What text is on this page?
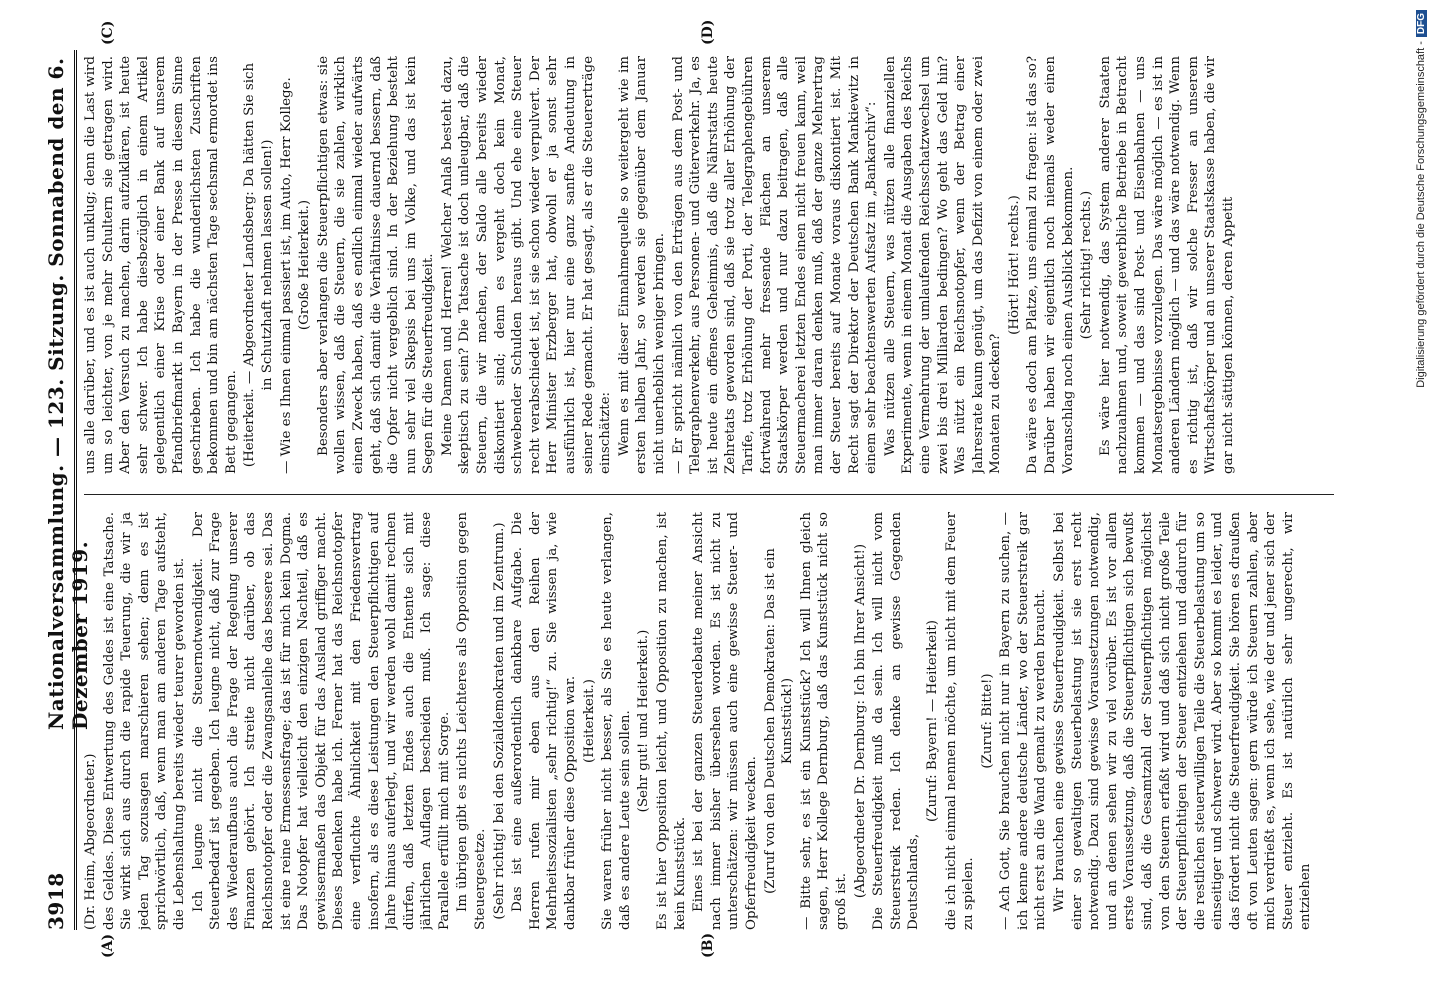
3918
Nationalversammlung. — 123. Sitzung. Sonnabend den 6. Dezember 1919.
(A)	(B)
(C)	(D)

(Dr. Heim, Abgeordneter.) des Geldes. Diese Entwertung des Geldes ist eine Tatsache. Sie wirkt sich aus durch die rapide Teuerung, die wir ja jeden Tag sozusagen marschieren sehen; denn es ist sprichwörtlich, daß, wenn man am anderen Tage aufsteht, die Lebenshaltung bereits wieder teurer geworden ist. Ich leugne nicht die Steuernotwendigkeit. Der Steuerbedarf ist gegeben. Ich leugne nicht, daß zur Frage des Wiederaufbaus auch die Frage der Regelung unserer Finanzen gehört. Ich streite nicht darüber, ob das Reichsnotopfer oder die Zwangsanleihe das bessere sei. Das ist eine reine Ermessensfrage; das ist für mich kein Dogma. Das Notopfer hat vielleicht den einzigen Nachteil, daß es gewissermaßen das Objekt für das Ausland griffiger macht. Dieses Bedenken habe ich. Ferner hat das Reichsnotopfer eine verfluchte Ähnlichkeit mit den Friedensvertrag insofern, als es diese Leistungen den Steuerpflichtigen auf Jahre hinaus auferlegt, und wir werden wohl damit rechnen dürfen, daß letzten Endes auch die Entente sich mit jährlichen Auflagen bescheiden muß. Ich sage: diese Parallele erfüllt mich mit Sorge. Im übrigen gibt es nichts Leichteres als Opposition gegen Steuergesetze. (Sehr richtig! bei den Sozialdemokraten und im Zentrum.) Das ist eine außerordentlich dankbare Aufgabe. Die Herren rufen mir eben aus den Reihen der Mehrheitssozialisten „sehr richtig!“ zu. Sie wissen ja, wie dankbar früher diese Opposition war. (Heiterkeit.) Sie waren früher nicht besser, als Sie es heute verlangen, daß es andere Leute sein sollen. (Sehr gut! und Heiterkeit.) Es ist hier Opposition leicht, und Opposition zu machen, ist kein Kunststück. Eines ist bei der ganzen Steuerdebatte meiner Ansicht nach immer bisher übersehen worden. Es ist nicht zu unterschätzen: wir müssen auch eine gewisse Steuer- und Opferfreudigkeit wecken. (Zuruf von den Deutschen Demokraten: Das ist ein Kunststück!) — Bitte sehr, es ist ein Kunststück? Ich will Ihnen gleich sagen, Herr Kollege Dernburg, daß das Kunststück nicht so groß ist.

(Abgeordneter Dr. Dernburg: Ich bin Ihrer Ansicht!) Die Steuerfreudigkeit muß da sein. Ich will nicht vom Steuerstreik reden. Ich denke an gewisse Gegenden Deutschlands,

(Zuruf: Bayern! — Heiterkeit) die ich nicht einmal nennen möchte, um nicht mit dem Feuer zu spielen.

(Zuruf: Bitte!) — Ach Gott, Sie brauchen nicht nur in Bayern zu suchen, — ich kenne andere deutsche Länder, wo der Steuerstreik gar nicht erst an die Wand gemalt zu werden braucht. Wir brauchen eine gewisse Steuerfreudigkeit. Selbst bei einer so gewaltigen Steuerbelastung ist sie erst recht notwendig. Dazu sind gewisse Voraussetzungen notwendig, und an denen sehen wir zu viel vorüber. Es ist vor allem erste Voraussetzung, daß die Steuerpflichtigen sich bewußt sind, daß die Gesamtzahl der Steuerpflichtigen möglichst von den Steuern erfaßt wird und daß sich nicht große Teile der Steuerpflichtigen der Steuer entziehen und dadurch für die restlichen steuerwilligen Teile die Steuerbelastung um so einseitiger und schwerer wird. Aber so kommt es leider, und das fördert nicht die Steuerfreudigkeit. Sie hören es draußen oft von Leuten sagen: gern würde ich Steuern zahlen, aber mich verdrießt es, wenn ich sehe, wie der und jener sich der Steuer entzieht. Es ist natürlich sehr ungerecht, wir entziehen

uns alle darüber, und es ist auch unklug; denn die Last wird um so leichter, von je mehr Schultern sie getragen wird. Aber den Versuch zu machen, darin aufzuklären, ist heute sehr schwer. Ich habe diesbezüglich in einem Artikel gelegentlich einer Krise oder einer Bank auf unserem Pfandbriefmarkt in Bayern in der Presse in diesem Sinne geschrieben. Ich habe die wunderlichsten Zuschriften bekommen und bin am nächsten Tage sechsmal ermordet ins Bett gegangen. (Heiterkeit. — Abgeordneter Landsberg: Da hätten Sie sich in Schutzhaft nehmen lassen sollen!) — Wie es Ihnen einmal passiert ist, im Auto, Herr Kollege. (Große Heiterkeit.) Besonders aber verlangen die Steuerpflichtigen etwas: sie wollen wissen, daß die Steuern, die sie zahlen, wirklich einen Zweck haben, daß es endlich einmal wieder aufwärts geht, daß sich damit die Verhältnisse dauernd bessern, daß die Opfer nicht vergeblich sind. In der Beziehung besteht nun sehr viel Skepsis bei uns im Volke, und das ist kein Segen für die Steuerfreudigkeit. Meine Damen und Herren! Welcher Anlaß besteht dazu, skeptisch zu sein? Die Tatsache ist doch unleugbar, daß die Steuern, die wir machen, der Saldo alle bereits wieder diskontiert sind; denn es vergeht doch kein Monat, schwebender Schulden heraus gibt. Und ehe eine Steuer recht verabschiedet ist, ist sie schon wieder verpulvert. Der Herr Minister Erzberger hat, obwohl er ja sonst sehr ausführlich ist, hier nur eine ganz sanfte Andeutung in seiner Rede gemacht. Er hat gesagt, als er die Steuererträge einschätzte: Wenn es mit dieser Einnahmequelle so weitergeht wie im ersten halben Jahr, so werden sie gegenüber dem Januar nicht unerheblich weniger bringen. — Er spricht nämlich von den Erträgen aus dem Post- und Telegraphenverkehr, aus Personen- und Güterverkehr. Ja, es ist heute ein offenes Geheimnis, daß die Nährstatts heute Zehretats geworden sind, daß sie trotz aller Erhöhung der Tarife, trotz Erhöhung der Porti, der Telegraphengebühren fortwährend mehr fressende Flächen an unserem Staatskörper werden und nur dazu beitragen, daß alle Steuermacherei letzten Endes einen nicht freuen kann, weil man immer daran denken muß, daß der ganze Mehrertrag der Steuer bereits auf Monate voraus diskontiert ist. Mit Recht sagt der Direktor der Deutschen Bank Mankiewitz in einem sehr beachtenswerten Aufsatz im „Bankarchiv“: Was nützen alle Steuern, was nützen alle finanziellen Experimente, wenn in einem Monat die Ausgaben des Reichs eine Vermehrung der umlaufenden Reichsschatzwechsel um zwei bis drei Milliarden bedingen? Wo geht das Geld hin? Was nützt ein Reichsnotopfer, wenn der Betrag einer Jahresrate kaum genügt, um das Defizit von einem oder zwei Monaten zu decken?

(Hört! Hört! rechts.) Da wäre es doch am Platze, uns einmal zu fragen: ist das so? Darüber haben wir eigentlich noch niemals weder einen Voranschlag noch einen Ausblick bekommen. (Sehr richtig! rechts.) Es wäre hier notwendig, das System anderer Staaten nachzuahmen und, soweit gewerbliche Betriebe in Betracht kommen — und das sind Post- und Eisenbahnen — uns Monatsergebnisse vorzulegen. Das wäre möglich — es ist in anderen Ländern möglich — und das wäre notwendig. Wenn es richtig ist, daß wir solche Fresser an unserem Wirtschaftskörper und an unserer Staatskasse haben, die wir gar nicht sättigen können, deren Appetit	Digitalisierung gefördert durch die Deutsche Forschungsgemeinschaft -DFG
